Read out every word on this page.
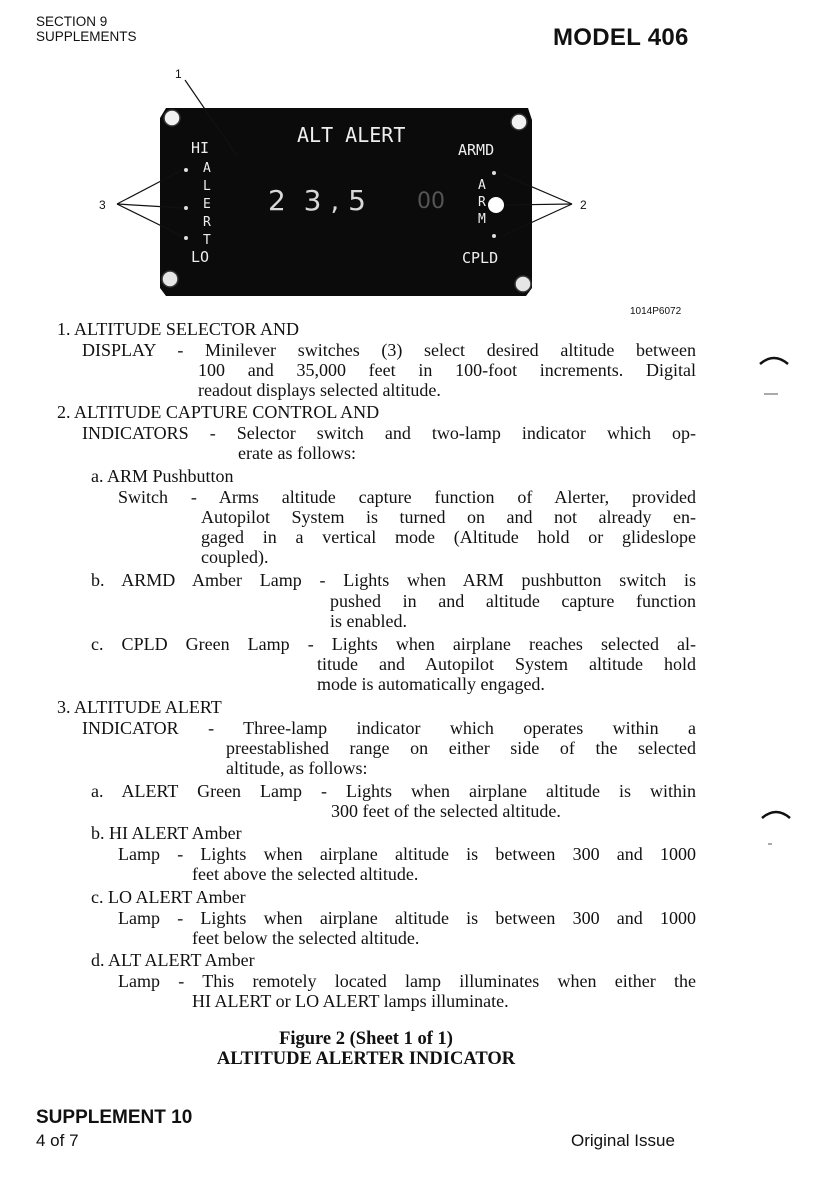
SECTION 9
SUPPLEMENTS	MODEL 406
ALT ALERT
HI
LO
ARMD
CPLD
A
L
E
R
T
A
R
M
2  3 , 5 00
1
3	2
1014P6072
1. ALTITUDE SELECTOR AND
DISPLAY - Minilever switches (3) select desired altitude between
100 and 35,000 feet in 100-foot increments. Digital
readout displays selected altitude.
2. ALTITUDE CAPTURE CONTROL AND
INDICATORS - Selector switch and two-lamp indicator which op-
erate as follows:
a. ARM Pushbutton
Switch - Arms altitude capture function of Alerter, provided
Autopilot System is turned on and not already en-
gaged in a vertical mode (Altitude hold or glideslope
coupled).
b. ARMD Amber Lamp - Lights when ARM pushbutton switch is
pushed in and altitude capture function
is enabled.
c. CPLD Green Lamp - Lights when airplane reaches selected al-
titude and Autopilot System altitude hold
mode is automatically engaged.
3. ALTITUDE ALERT
INDICATOR - Three-lamp indicator which operates within a
preestablished range on either side of the selected
altitude, as follows:
a. ALERT Green Lamp - Lights when airplane altitude is within
300 feet of the selected altitude.
b. HI ALERT Amber
Lamp - Lights when airplane altitude is between 300 and 1000
feet above the selected altitude.
c. LO ALERT Amber
Lamp - Lights when airplane altitude is between 300 and 1000
feet below the selected altitude.
d. ALT ALERT Amber
Lamp - This remotely located lamp illuminates when either the
HI ALERT or LO ALERT lamps illuminate.
Figure 2 (Sheet 1 of 1)
ALTITUDE ALERTER INDICATOR
SUPPLEMENT 10
4 of 7	Original Issue
